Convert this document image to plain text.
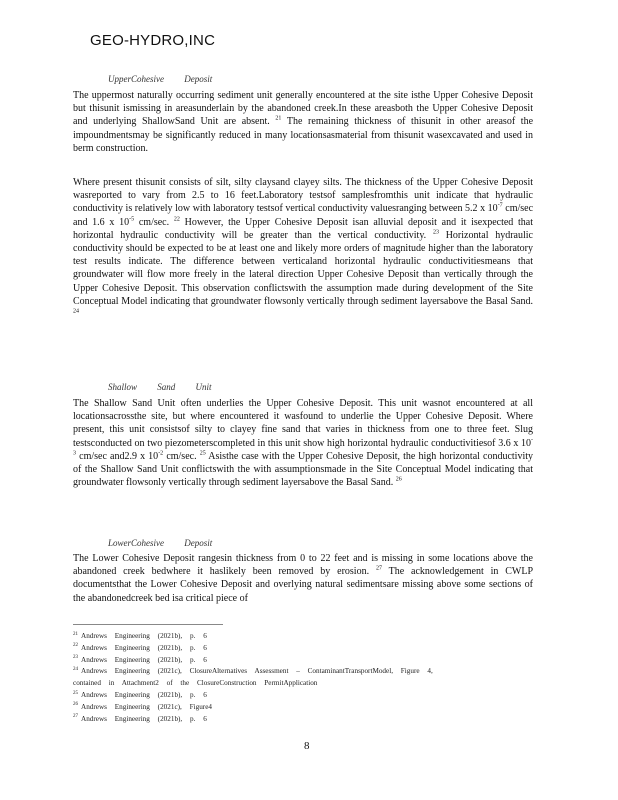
GEO-HYDRO,INC
UpperCohesive Deposit
The uppermost naturally occurring sediment unit generally encountered at the site isthe Upper Cohesive Deposit but thisunit ismissing in areasunderlain by the abandoned creek.In these areasboth the Upper Cohesive Deposit and underlying ShallowSand Unit are absent. $^{21}$ The remaining thickness of thisunit in other areasof the impoundmentsmay be significantly reduced in many locationsasmaterial from thisunit wasexcavated and used in berm construction.
Where present thisunit consists of silt, silty claysand clayey silts. The thickness of the Upper Cohesive Deposit wasreported to vary from 2.5 to 16 feet.Laboratory testsof samplesfromthis unit indicate that hydraulic conductivity is relatively low with laboratory testsof vertical conductivity valuesranging between 5.2 x $10^{-7}$ cm/sec and 1.6 x $10^{-5}$ cm/sec. $^{22}$ However, the Upper Cohesive Deposit isan alluvial deposit and it isexpected that horizontal hydraulic conductivity will be greater than the vertical conductivity. $^{23}$ Horizontal hydraulic conductivity should be expected to be at least one and likely more orders of magnitude higher than the laboratory test results indicate. The difference between verticaland horizontal hydraulic conductivitiesmeans that groundwater will flow more freely in the lateral direction Upper Cohesive Deposit than vertically through the Upper Cohesive Deposit. This observation conflictswith the assumption made during development of the Site Conceptual Model indicating that groundwater flowsonly vertically through sediment layersabove the Basal Sand. $^{24}$
Shallow Sand Unit
The Shallow Sand Unit often underlies the Upper Cohesive Deposit. This unit wasnot encountered at all locationsacrossthe site, but where encountered it wasfound to underlie the Upper Cohesive Deposit. Where present, this unit consistsof silty to clayey fine sand that varies in thickness from one to three feet. Slug testsconducted on two piezometerscompleted in this unit show high horizontal hydraulic conductivitiesof 3.6 x $10^{-3}$ cm/sec and2.9 x $10^{-2}$ cm/sec. $^{25}$ Asisthe case with the Upper Cohesive Deposit, the high horizontal conductivity of the Shallow Sand Unit conflictswith the with assumptionsmade in the Site Conceptual Model indicating that groundwater flowsonly vertically through sediment layersabove the Basal Sand. $^{26}$
LowerCohesive Deposit
The Lower Cohesive Deposit rangesin thickness from 0 to 22 feet and is missing in some locations above the abandoned creek bedwhere it haslikely been removed by erosion. $^{27}$ The acknowledgement in CWLP documentsthat the Lower Cohesive Deposit and overlying natural sedimentsare missing above some sections of the abandonedcreek bed isa critical piece of
$^{21}$ Andrews Engineering (2021b), p. 6
$^{22}$ Andrews Engineering (2021b), p. 6
$^{23}$ Andrews Engineering (2021b), p. 6
$^{24}$ Andrews Engineering (2021c), ClosureAlternatives Assessment – ContaminantTransportModel, Figure 4,
contained in Attachment2 of the ClosureConstruction PermitApplication
$^{25}$ Andrews Engineering (2021b), p. 6
$^{26}$ Andrews Engineering (2021c), Figure4
$^{27}$ Andrews Engineering (2021b), p. 6
8
